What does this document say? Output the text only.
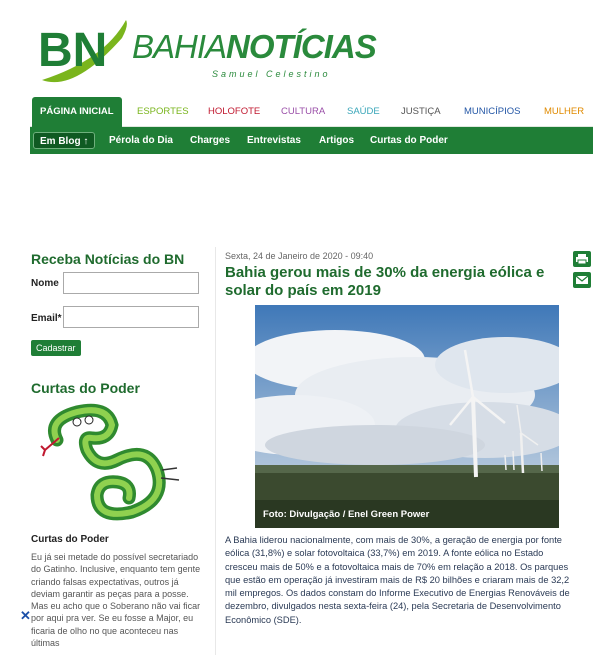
BN BAHIANOTÍCIAS
Samuel Celestino
PÁGINA INICIAL	ESPORTES HOLOFOTE CULTURA SAÚDE JUSTIÇA MUNICÍPIOS MULHER
Em Blog ↑	Pérola do Dia Charges Entrevistas Artigos Curtas do Poder
Receba Notícias do BN
Nome
Email*
Cadastrar
Curtas do Poder
Curtas do Poder
Eu já sei metade do possível secretariado do Gatinho. Inclusive, enquanto tem gente criando falsas expectativas, outros já deviam garantir as peças para a posse. Mas eu acho que o Soberano não vai ficar por aqui pra ver. Se eu fosse a Major, eu ficaria de olho no que aconteceu nas últimas
✕
Sexta, 24 de Janeiro de 2020 - 09:40
Bahia gerou mais de 30% da energia eólica e solar do país em 2019
Foto: Divulgação / Enel Green Power
A Bahia liderou nacionalmente, com mais de 30%, a geração de energia por fonte eólica (31,8%) e solar fotovoltaica (33,7%) em 2019. A fonte eólica no Estado cresceu mais de 50% e a fotovoltaica mais de 70% em relação a 2018. Os parques que estão em operação já investiram mais de R$ 20 bilhões e criaram mais de 32,2 mil empregos. Os dados constam do Informe Executivo de Energias Renováveis de dezembro, divulgados nesta sexta-feira (24), pela Secretaria de Desenvolvimento Econômico (SDE).
